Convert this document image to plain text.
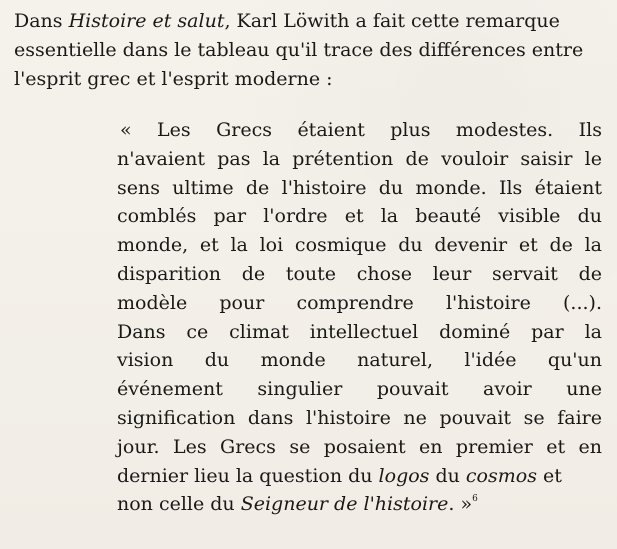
Dans Histoire et salut, Karl Löwith a fait cette remarque
essentielle dans le tableau qu'il trace des différences entre
l'esprit grec et l'esprit moderne :
« Les Grecs étaient plus modestes. Ils
n'avaient pas la prétention de vouloir saisir le
sens ultime de l'histoire du monde. Ils étaient
comblés par l'ordre et la beauté visible du
monde, et la loi cosmique du devenir et de la
disparition de toute chose leur servait de
modèle pour comprendre l'histoire (...).
Dans ce climat intellectuel dominé par la
vision du monde naturel, l'idée qu'un
événement singulier pouvait avoir une
signification dans l'histoire ne pouvait se faire
jour. Les Grecs se posaient en premier et en
dernier lieu la question du logos du cosmos et
non celle du Seigneur de l'histoire. »$^6$
